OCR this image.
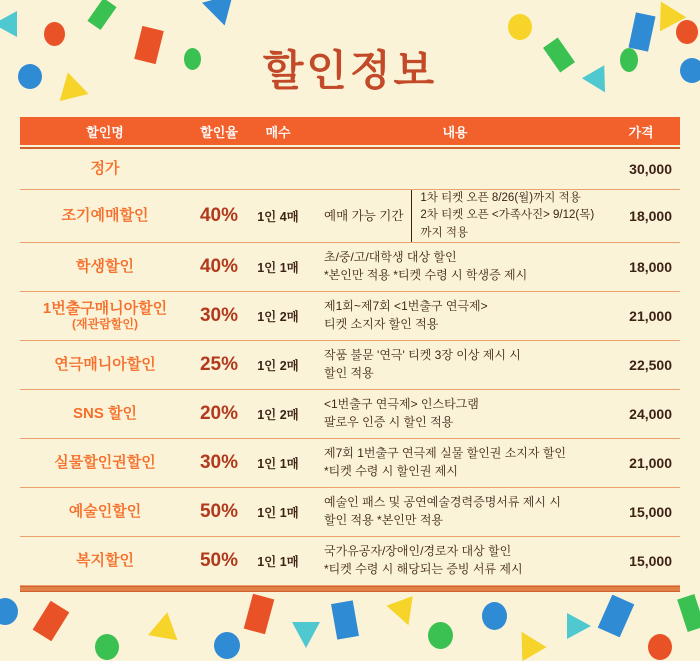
할인정보
할인명	할인율	매수	내용	가격
정가	30,000
조기예매할인	40%	1인 4매	예매 가능 기간
1차 티켓 오픈 8/26(월)까지 적용
2차 티켓 오픈 <가족사진> 9/12(목)까지 적용
18,000
학생할인	40%	1인 1매
초/중/고/대학생 대상 할인
*본인만 적용 *티켓 수령 시 학생증 제시	18,000
1번출구매니아할인
(재관람할인)	30%	1인 2매
제1회~제7회 <1번출구 연극제>
티켓 소지자 할인 적용	21,000
연극매니아할인	25%	1인 2매
작품 불문 '연극' 티켓 3장 이상 제시 시
할인 적용	22,500
SNS 할인	20%	1인 2매
<1번출구 연극제> 인스타그램
팔로우 인증 시 할인 적용	24,000
실물할인권할인	30%	1인 1매
제7회 1번출구 연극제 실물 할인권 소지자 할인
*티켓 수령 시 할인권 제시	21,000
예술인할인	50%	1인 1매
예술인 패스 및 공연예술경력증명서류 제시 시
할인 적용 *본인만 적용	15,000
복지할인	50%	1인 1매
국가유공자/장애인/경로자 대상 할인
*티켓 수령 시 해당되는 증빙 서류 제시	15,000
